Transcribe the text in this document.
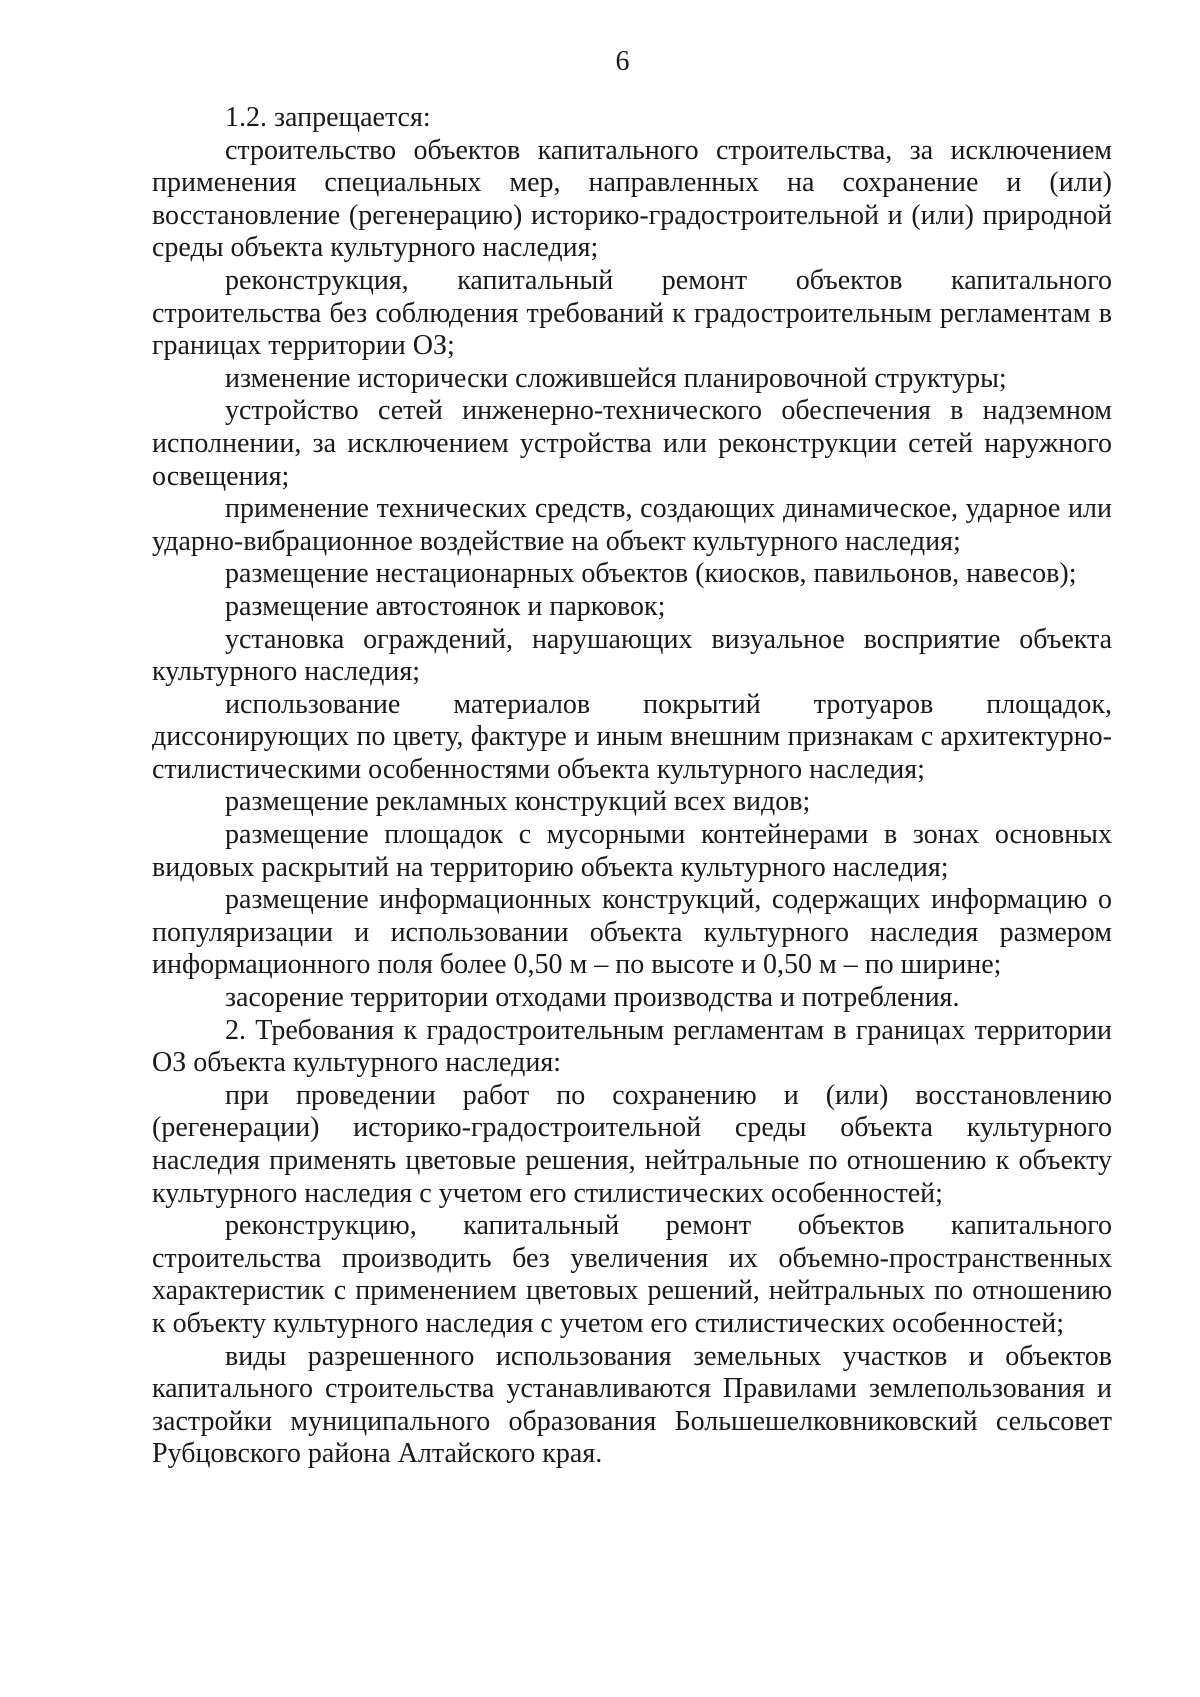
6

1.2. запрещается:

строительство объектов капитального строительства, за исключением применения специальных мер, направленных на сохранение и (или) восстановление (регенерацию) историко-градостроительной и (или) природной среды объекта культурного наследия;

реконструкция, капитальный ремонт объектов капитального строительства без соблюдения требований к градостроительным регламентам в границах территории ОЗ;

изменение исторически сложившейся планировочной структуры;

устройство сетей инженерно-технического обеспечения в надземном исполнении, за исключением устройства или реконструкции сетей наружного освещения;

применение технических средств, создающих динамическое, ударное или ударно-вибрационное воздействие на объект культурного наследия;

размещение нестационарных объектов (киосков, павильонов, навесов);

размещение автостоянок и парковок;

установка ограждений, нарушающих визуальное восприятие объекта культурного наследия;

использование материалов покрытий тротуаров площадок, диссонирующих по цвету, фактуре и иным внешним признакам с архитектурно-стилистическими особенностями объекта культурного наследия;

размещение рекламных конструкций всех видов;

размещение площадок с мусорными контейнерами в зонах основных видовых раскрытий на территорию объекта культурного наследия;

размещение информационных конструкций, содержащих информацию о популяризации и использовании объекта культурного наследия размером информационного поля более 0,50 м – по высоте и 0,50 м – по ширине;

засорение территории отходами производства и потребления.

2. Требования к градостроительным регламентам в границах территории ОЗ объекта культурного наследия:

при проведении работ по сохранению и (или) восстановлению (регенерации) историко-градостроительной среды объекта культурного наследия применять цветовые решения, нейтральные по отношению к объекту культурного наследия с учетом его стилистических особенностей;

реконструкцию, капитальный ремонт объектов капитального строительства производить без увеличения их объемно-пространственных характеристик с применением цветовых решений, нейтральных по отношению к объекту культурного наследия с учетом его стилистических особенностей;

виды разрешенного использования земельных участков и объектов капитального строительства устанавливаются Правилами землепользования и застройки муниципального образования Большешелковниковский сельсовет Рубцовского района Алтайского края.
